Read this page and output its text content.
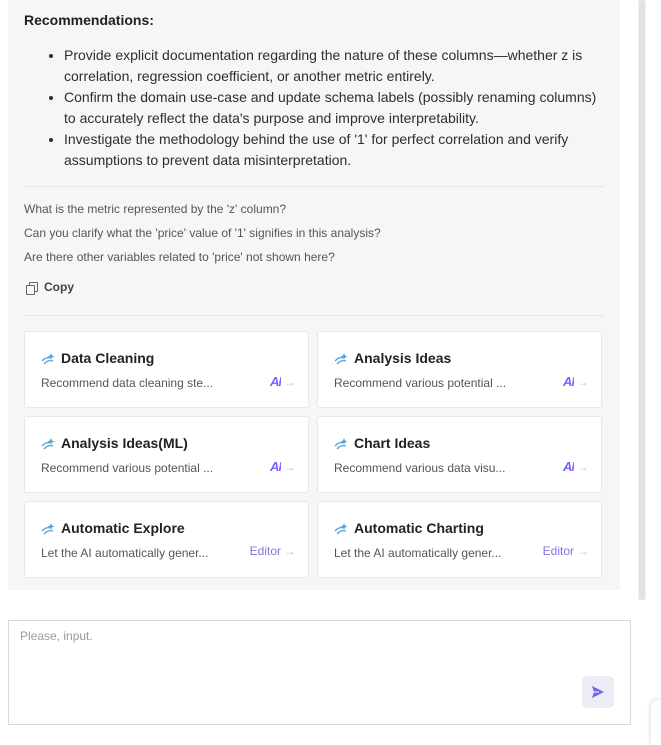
Recommendations:
• Provide explicit documentation regarding the nature of these columns—whether z is correlation, regression coefficient, or another metric entirely.
• Confirm the domain use-case and update schema labels (possibly renaming columns) to accurately reflect the data's purpose and improve interpretability.
• Investigate the methodology behind the use of '1' for perfect correlation and verify assumptions to prevent data misinterpretation.
What is the metric represented by the 'z' column?
Can you clarify what the 'price' value of '1' signifies in this analysis?
Are there other variables related to 'price' not shown here?
Copy
Data Cleaning
Recommend data cleaning ste...	AI →
Analysis Ideas
Recommend various potential ...	AI →
Analysis Ideas(ML)
Recommend various potential ...	AI →
Chart Ideas
Recommend various data visu...	AI →
Automatic Explore
Let the AI automatically gener...	Editor →
Automatic Charting
Let the AI automatically gener...	Editor →
Please, input.
